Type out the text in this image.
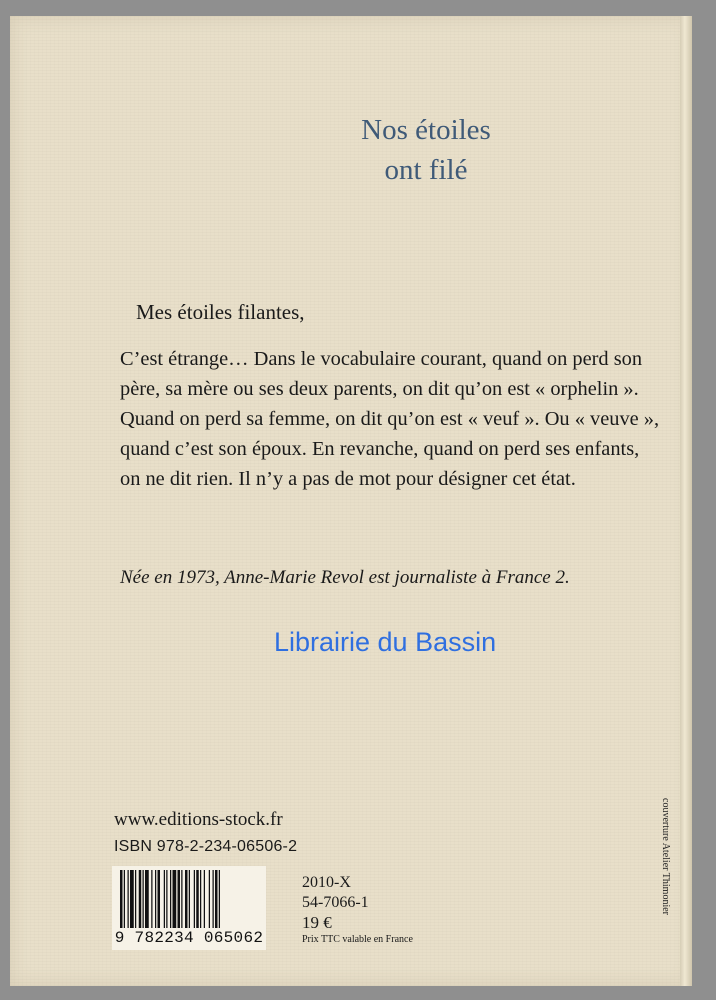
Nos étoiles
ont filé
Mes étoiles filantes,
C’est étrange… Dans le vocabulaire courant, quand on perd son
père, sa mère ou ses deux parents, on dit qu’on est « orphelin ».
Quand on perd sa femme, on dit qu’on est « veuf ». Ou « veuve »,
quand c’est son époux. En revanche, quand on perd ses enfants,
on ne dit rien. Il n’y a pas de mot pour désigner cet état.
Née en 1973, Anne-Marie Revol est journaliste à France 2.
Librairie du Bassin
www.editions-stock.fr
ISBN 978-2-234-06506-2
9 782234 065062
2010-X
54-7066-1
19 €
Prix TTC valable en France
couverture Atelier Thimonier
